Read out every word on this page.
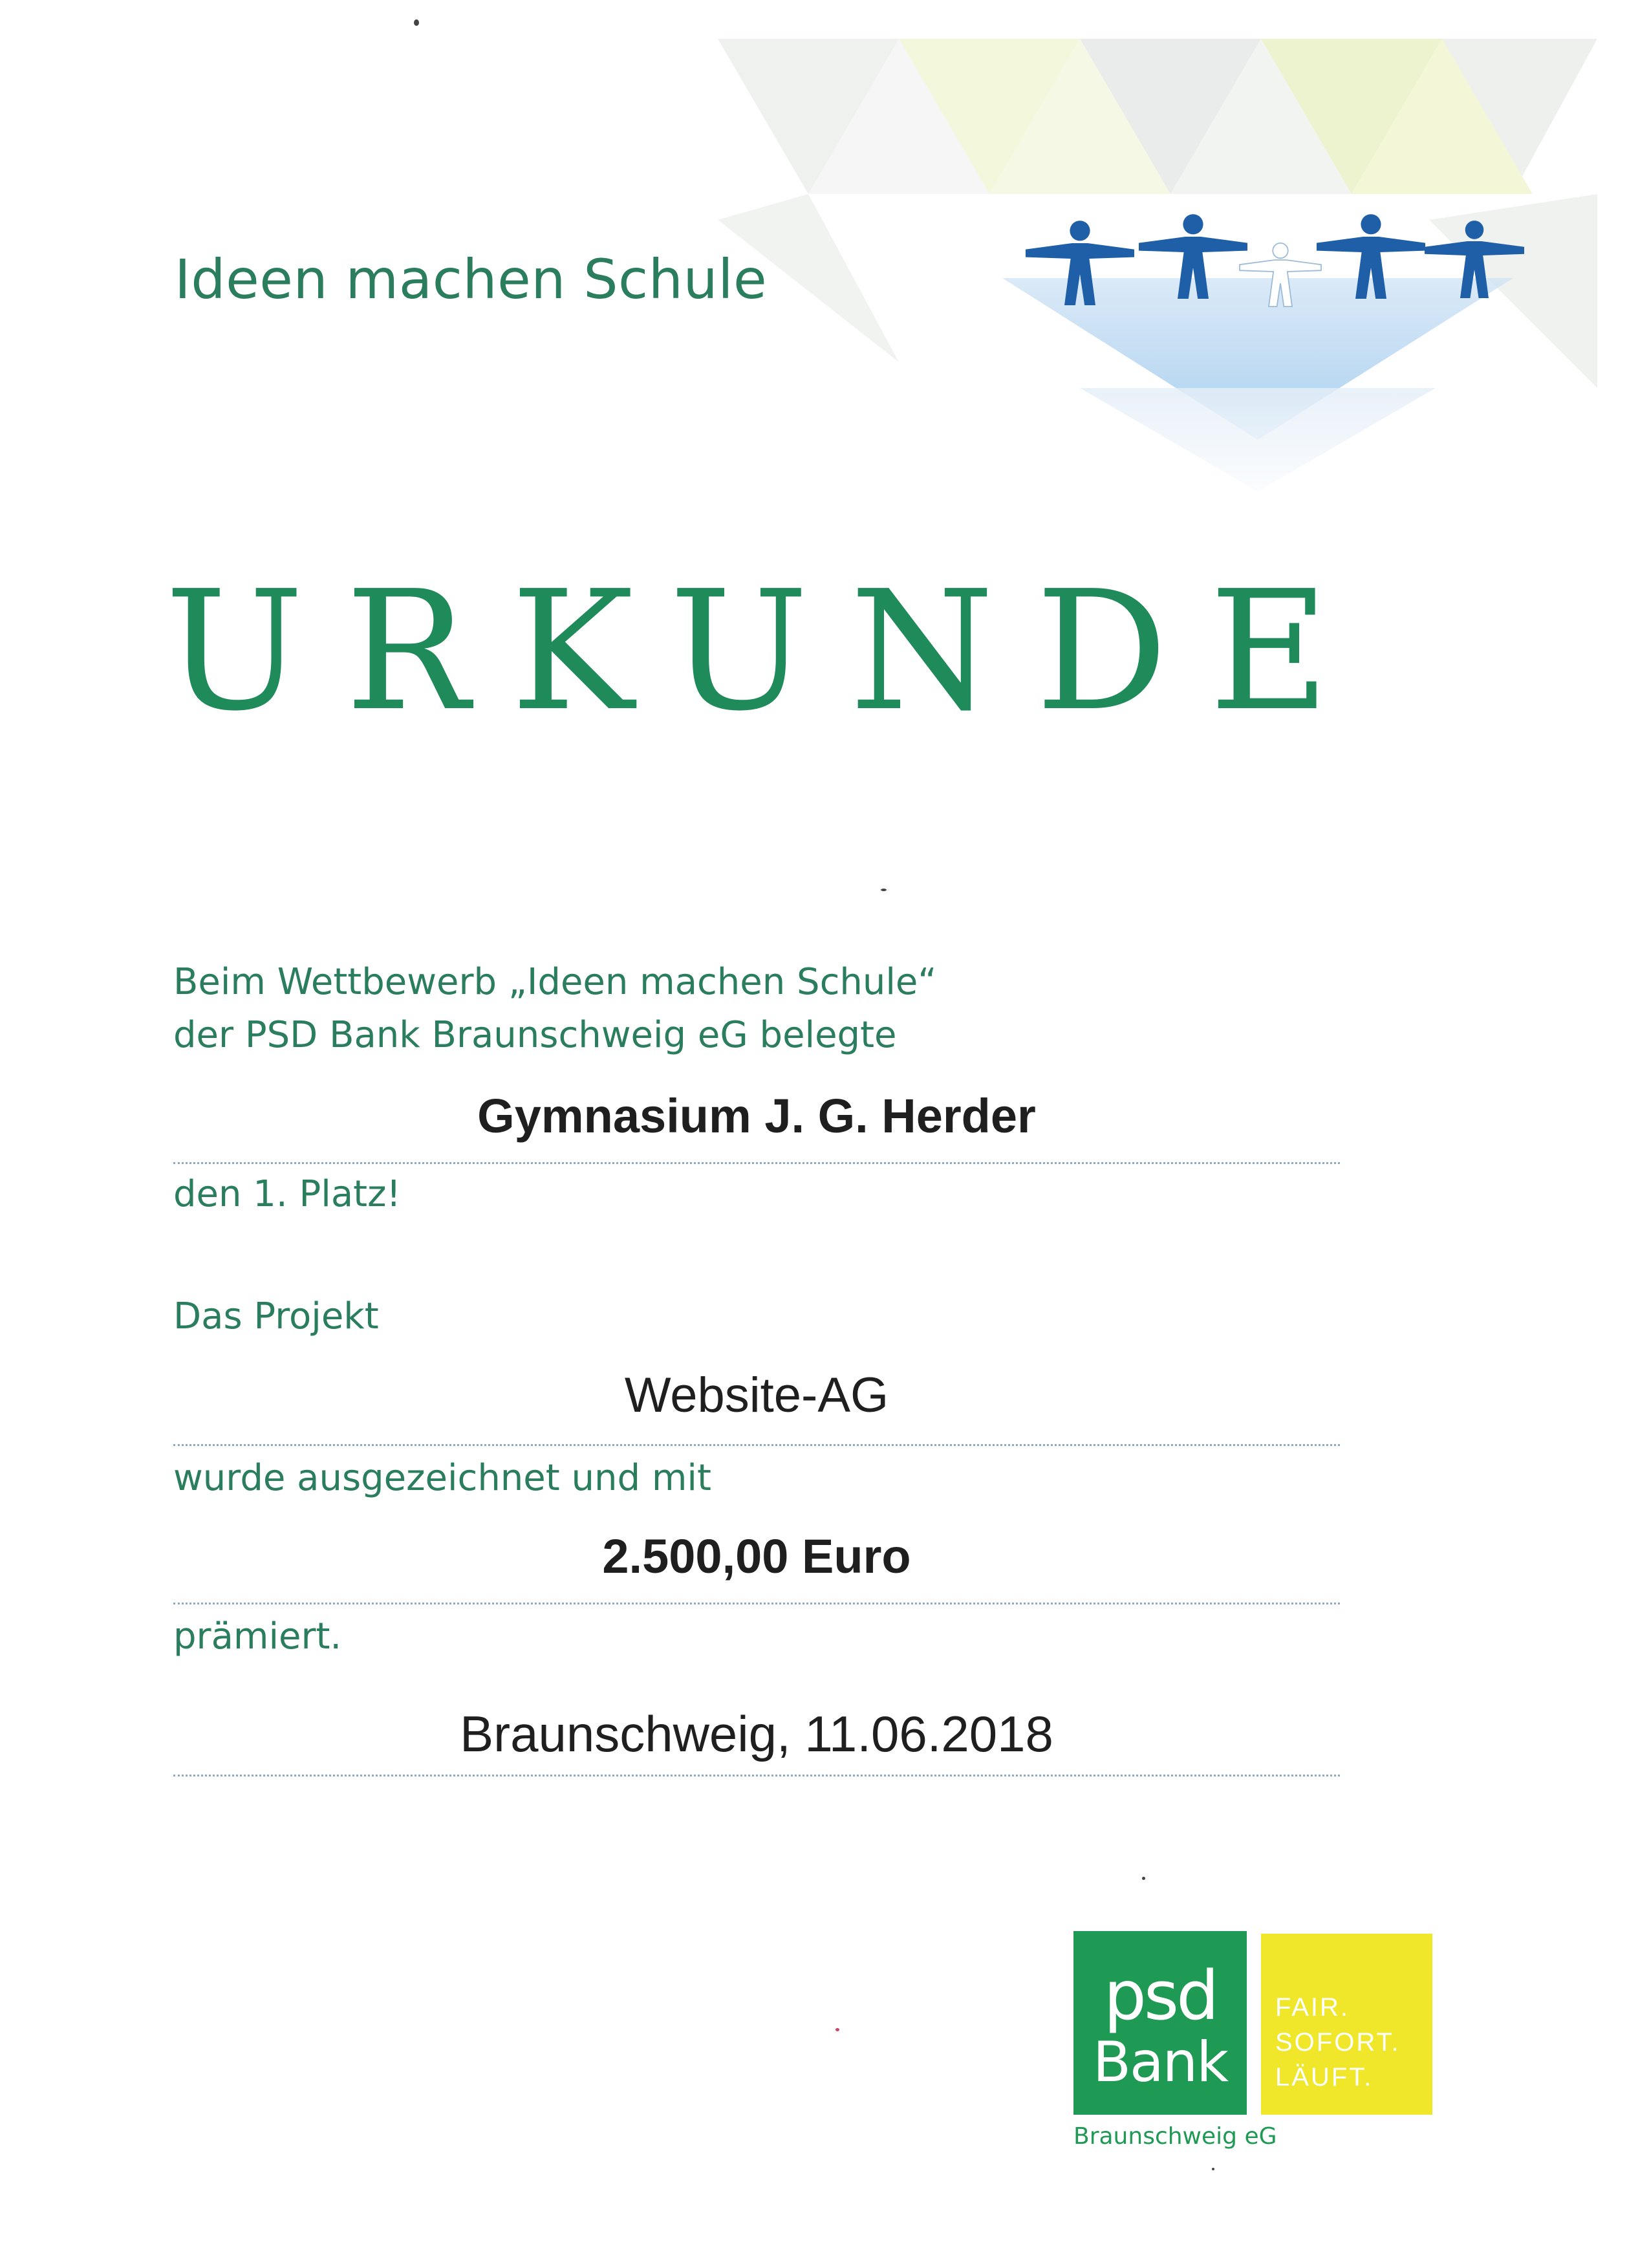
Ideen machen Schule
URKUNDE
Beim Wettbewerb „Ideen machen Schule“
der PSD Bank Braunschweig eG belegte
Gymnasium J. G. Herder
den 1. Platz!
Das Projekt
Website-AG
wurde ausgezeichnet und mit
2.500,00 Euro
prämiert.
Braunschweig, 11.06.2018
psd
Bank
FAIR.
SOFORT.
LÄUFT.
Braunschweig eG
